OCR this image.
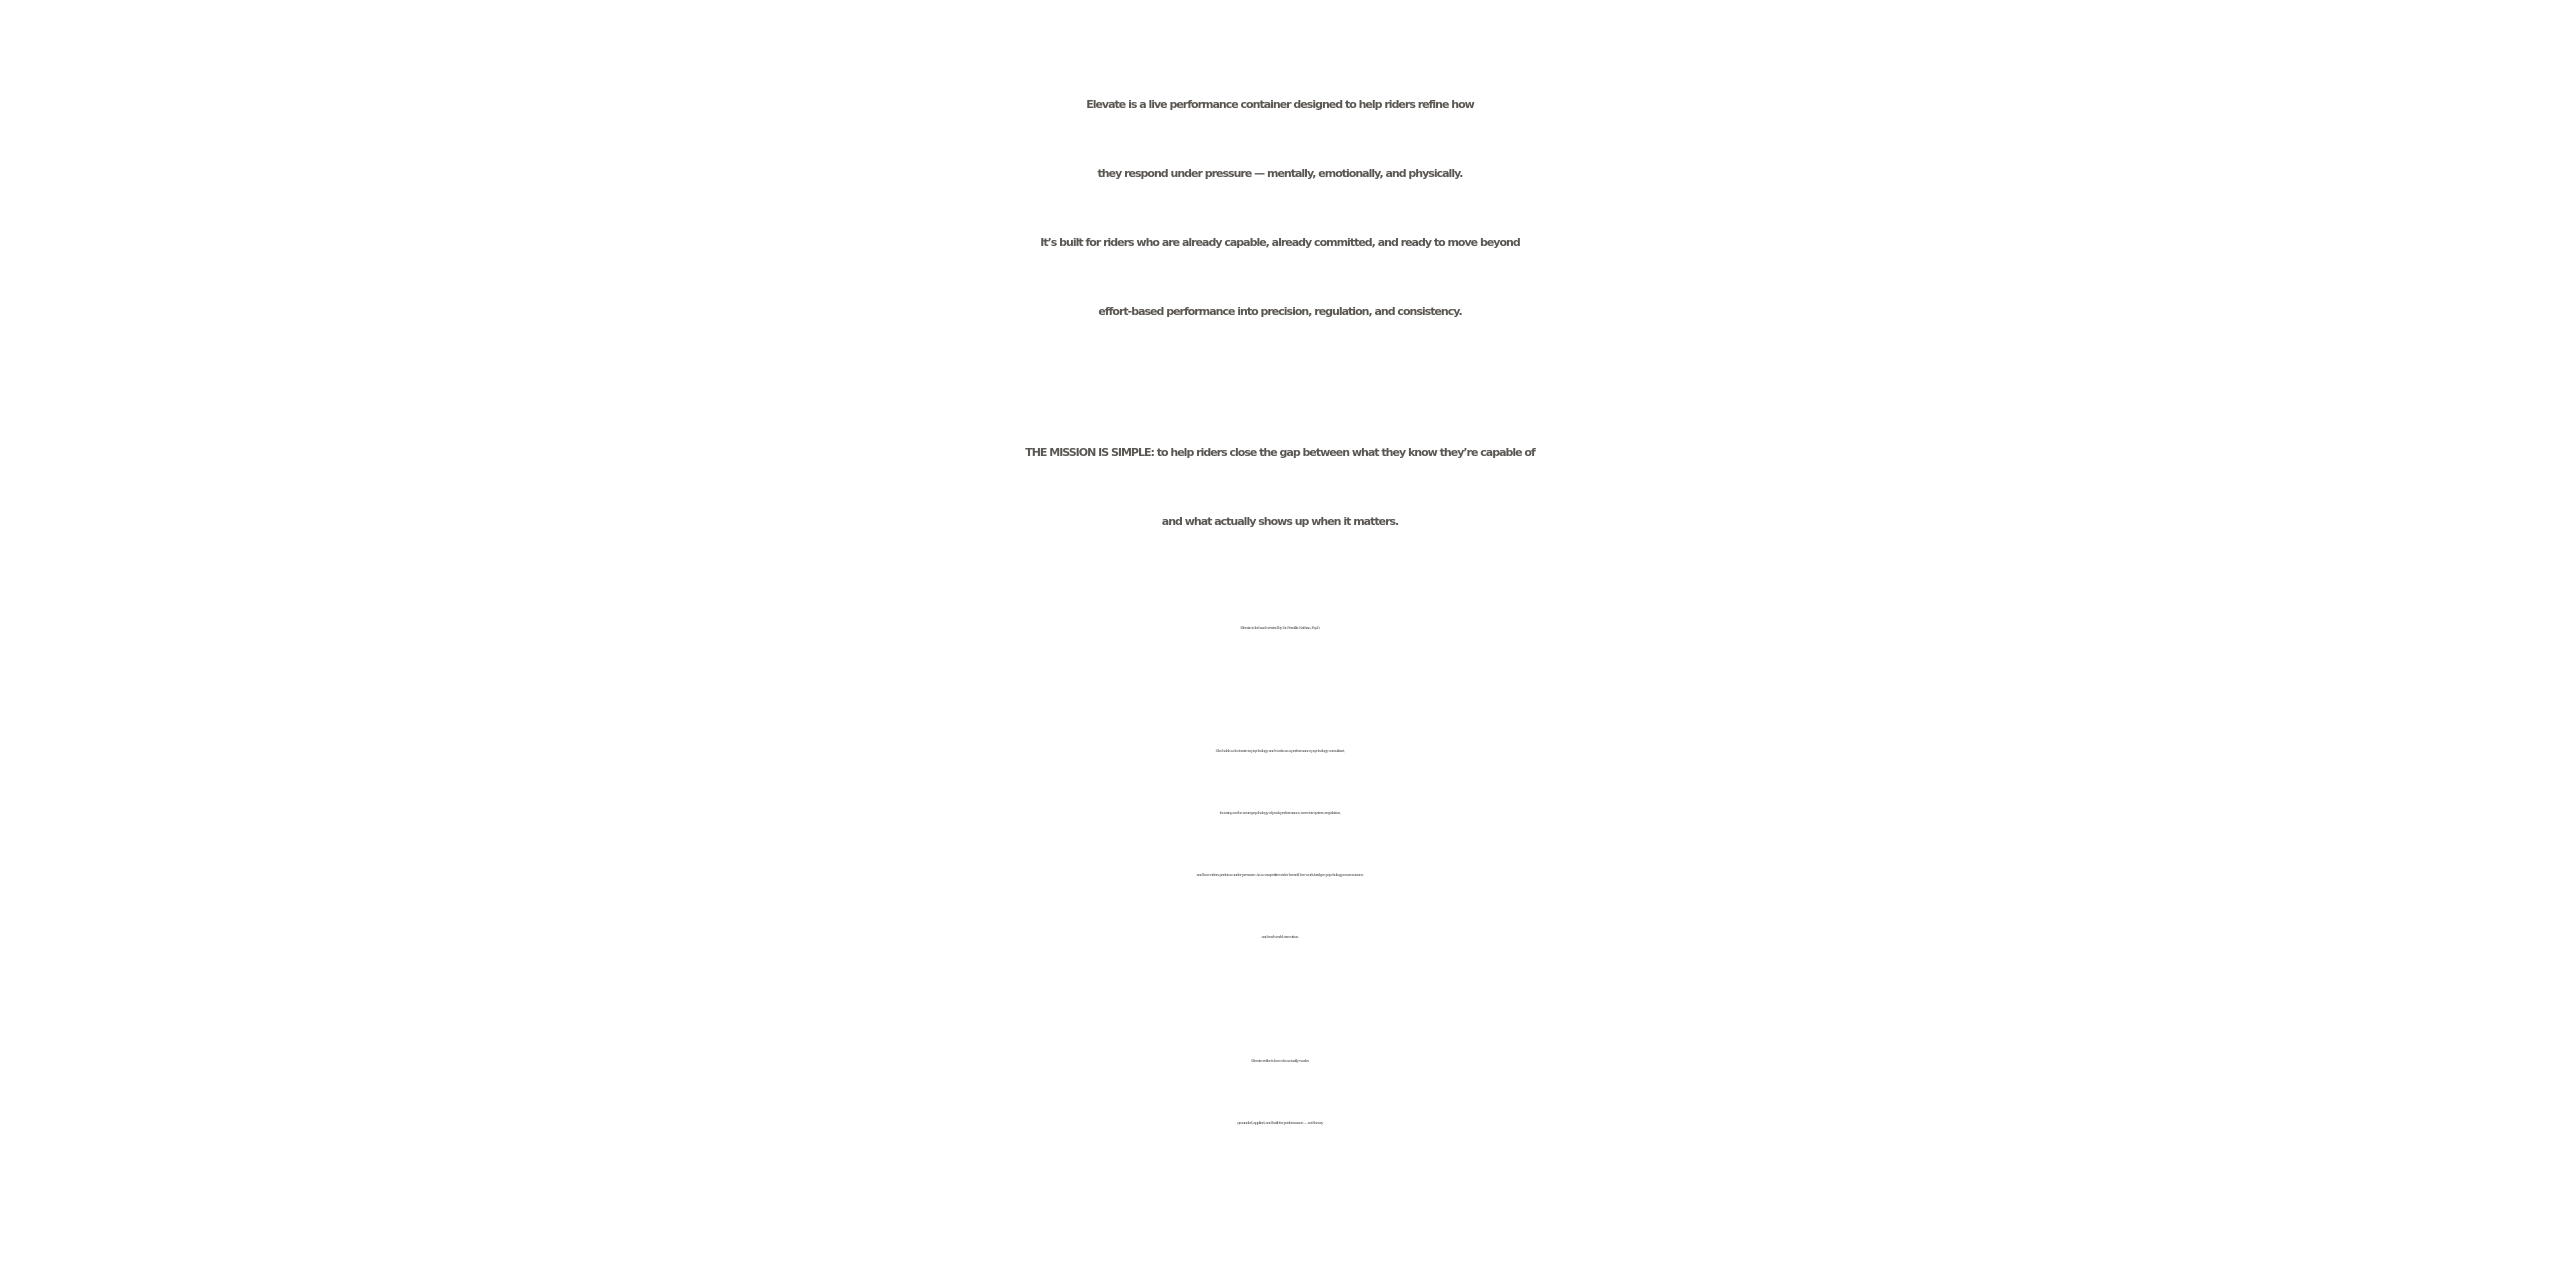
Elevate is a live performance container designed to help riders refine how
they respond under pressure — mentally, emotionally, and physically.
It’s built for riders who are already capable, already committed, and ready to move beyond
effort-based performance into precision, regulation, and consistency.

THE MISSION IS SIMPLE: to help riders close the gap between what they know they’re capable of
and what actually shows up when it matters.

Elevate is led and created by Dr. Pernilla Nathan, Psy.D.

She holds a doctorate in psychology and works as a performance psychology consultant,
focusing on the neuropsychology of peak performance, nervous-system regulation,
and how riders perform under pressure. As a competitive rider herself, her work bridges psychology, neuroscience,
and real-world execution.

Elevate reflects how she actually works:
grounded, applied, and built for performance — not theory.
